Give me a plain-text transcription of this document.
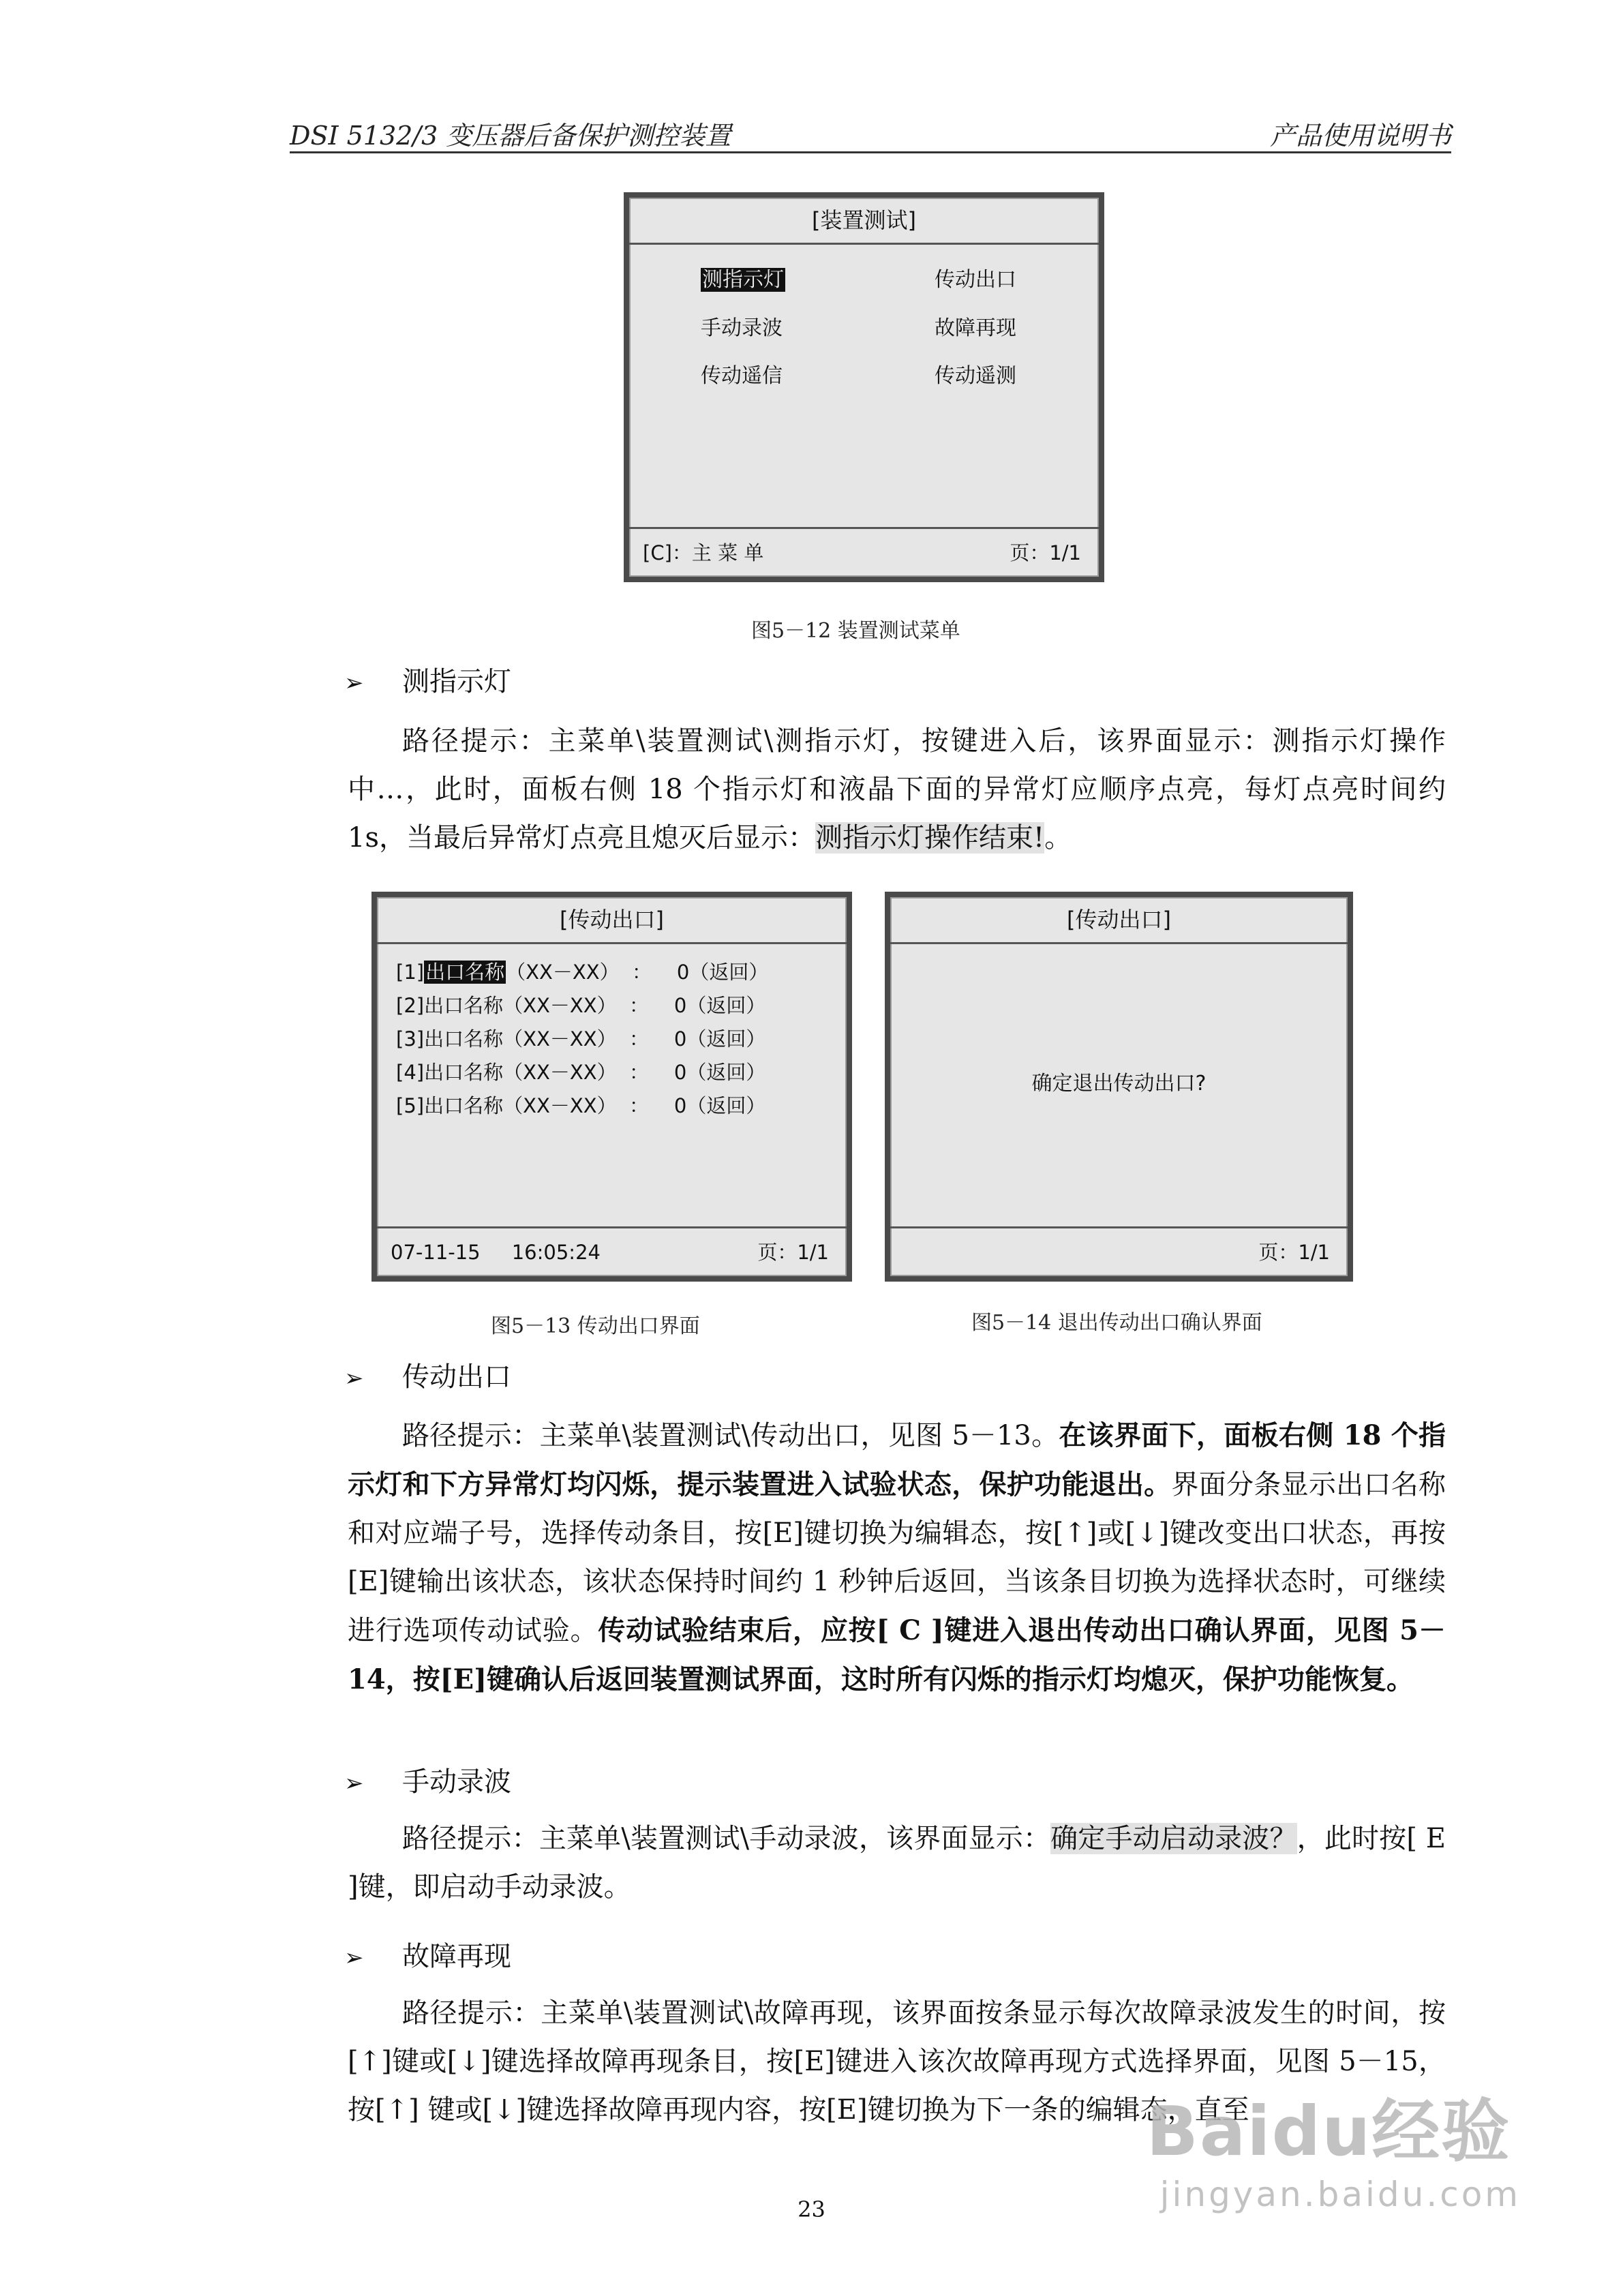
DSI 5132/3 变压器后备保护测控装置	产品使用说明书
[装置测试]
测指示灯	传动出口
手动录波	故障再现
传动遥信	传动遥测
[C]：主 菜 单	页：1/1
图5－12 装置测试菜单
➢ 测指示灯
路径提示：主菜单\装置测试\测指示灯，按键进入后，该界面显示：测指示灯操作中…，此时，面板右侧 18 个指示灯和液晶下面的异常灯应顺序点亮，每灯点亮时间约 1s，当最后异常灯点亮且熄灭后显示：测指示灯操作结束!。
[传动出口]
[1]出口名称（XX－XX）  ：    0（返回）
[2]出口名称（XX－XX）  ：    0（返回）
[3]出口名称（XX－XX）  ：    0（返回）
[4]出口名称（XX－XX）  ：    0（返回）
[5]出口名称（XX－XX）  ：    0（返回）
07-11-15     16:05:24	页：1/1
[传动出口]
确定退出传动出口?
页：1/1
图5－13 传动出口界面	图5－14 退出传动出口确认界面
➢ 传动出口
路径提示：主菜单\装置测试\传动出口，见图 5－13。在该界面下，面板右侧 18 个指示灯和下方异常灯均闪烁，提示装置进入试验状态，保护功能退出。界面分条显示出口名称和对应端子号，选择传动条目，按[E]键切换为编辑态，按[↑]或[↓]键改变出口状态，再按[E]键输出该状态，该状态保持时间约 1 秒钟后返回，当该条目切换为选择状态时，可继续进行选项传动试验。传动试验结束后，应按[ C ]键进入退出传动出口确认界面，见图 5－14，按[E]键确认后返回装置测试界面，这时所有闪烁的指示灯均熄灭，保护功能恢复。
➢ 手动录波
路径提示：主菜单\装置测试\手动录波，该界面显示：确定手动启动录波？，此时按[ E ]键，即启动手动录波。
➢ 故障再现
路径提示：主菜单\装置测试\故障再现，该界面按条显示每次故障录波发生的时间，按[↑]键或[↓]键选择故障再现条目，按[E]键进入该次故障再现方式选择界面，见图 5－15，按[↑] 键或[↓]键选择故障再现内容，按[E]键切换为下一条的编辑态，直至
Baidu经验
jingyan.baidu.com
23
